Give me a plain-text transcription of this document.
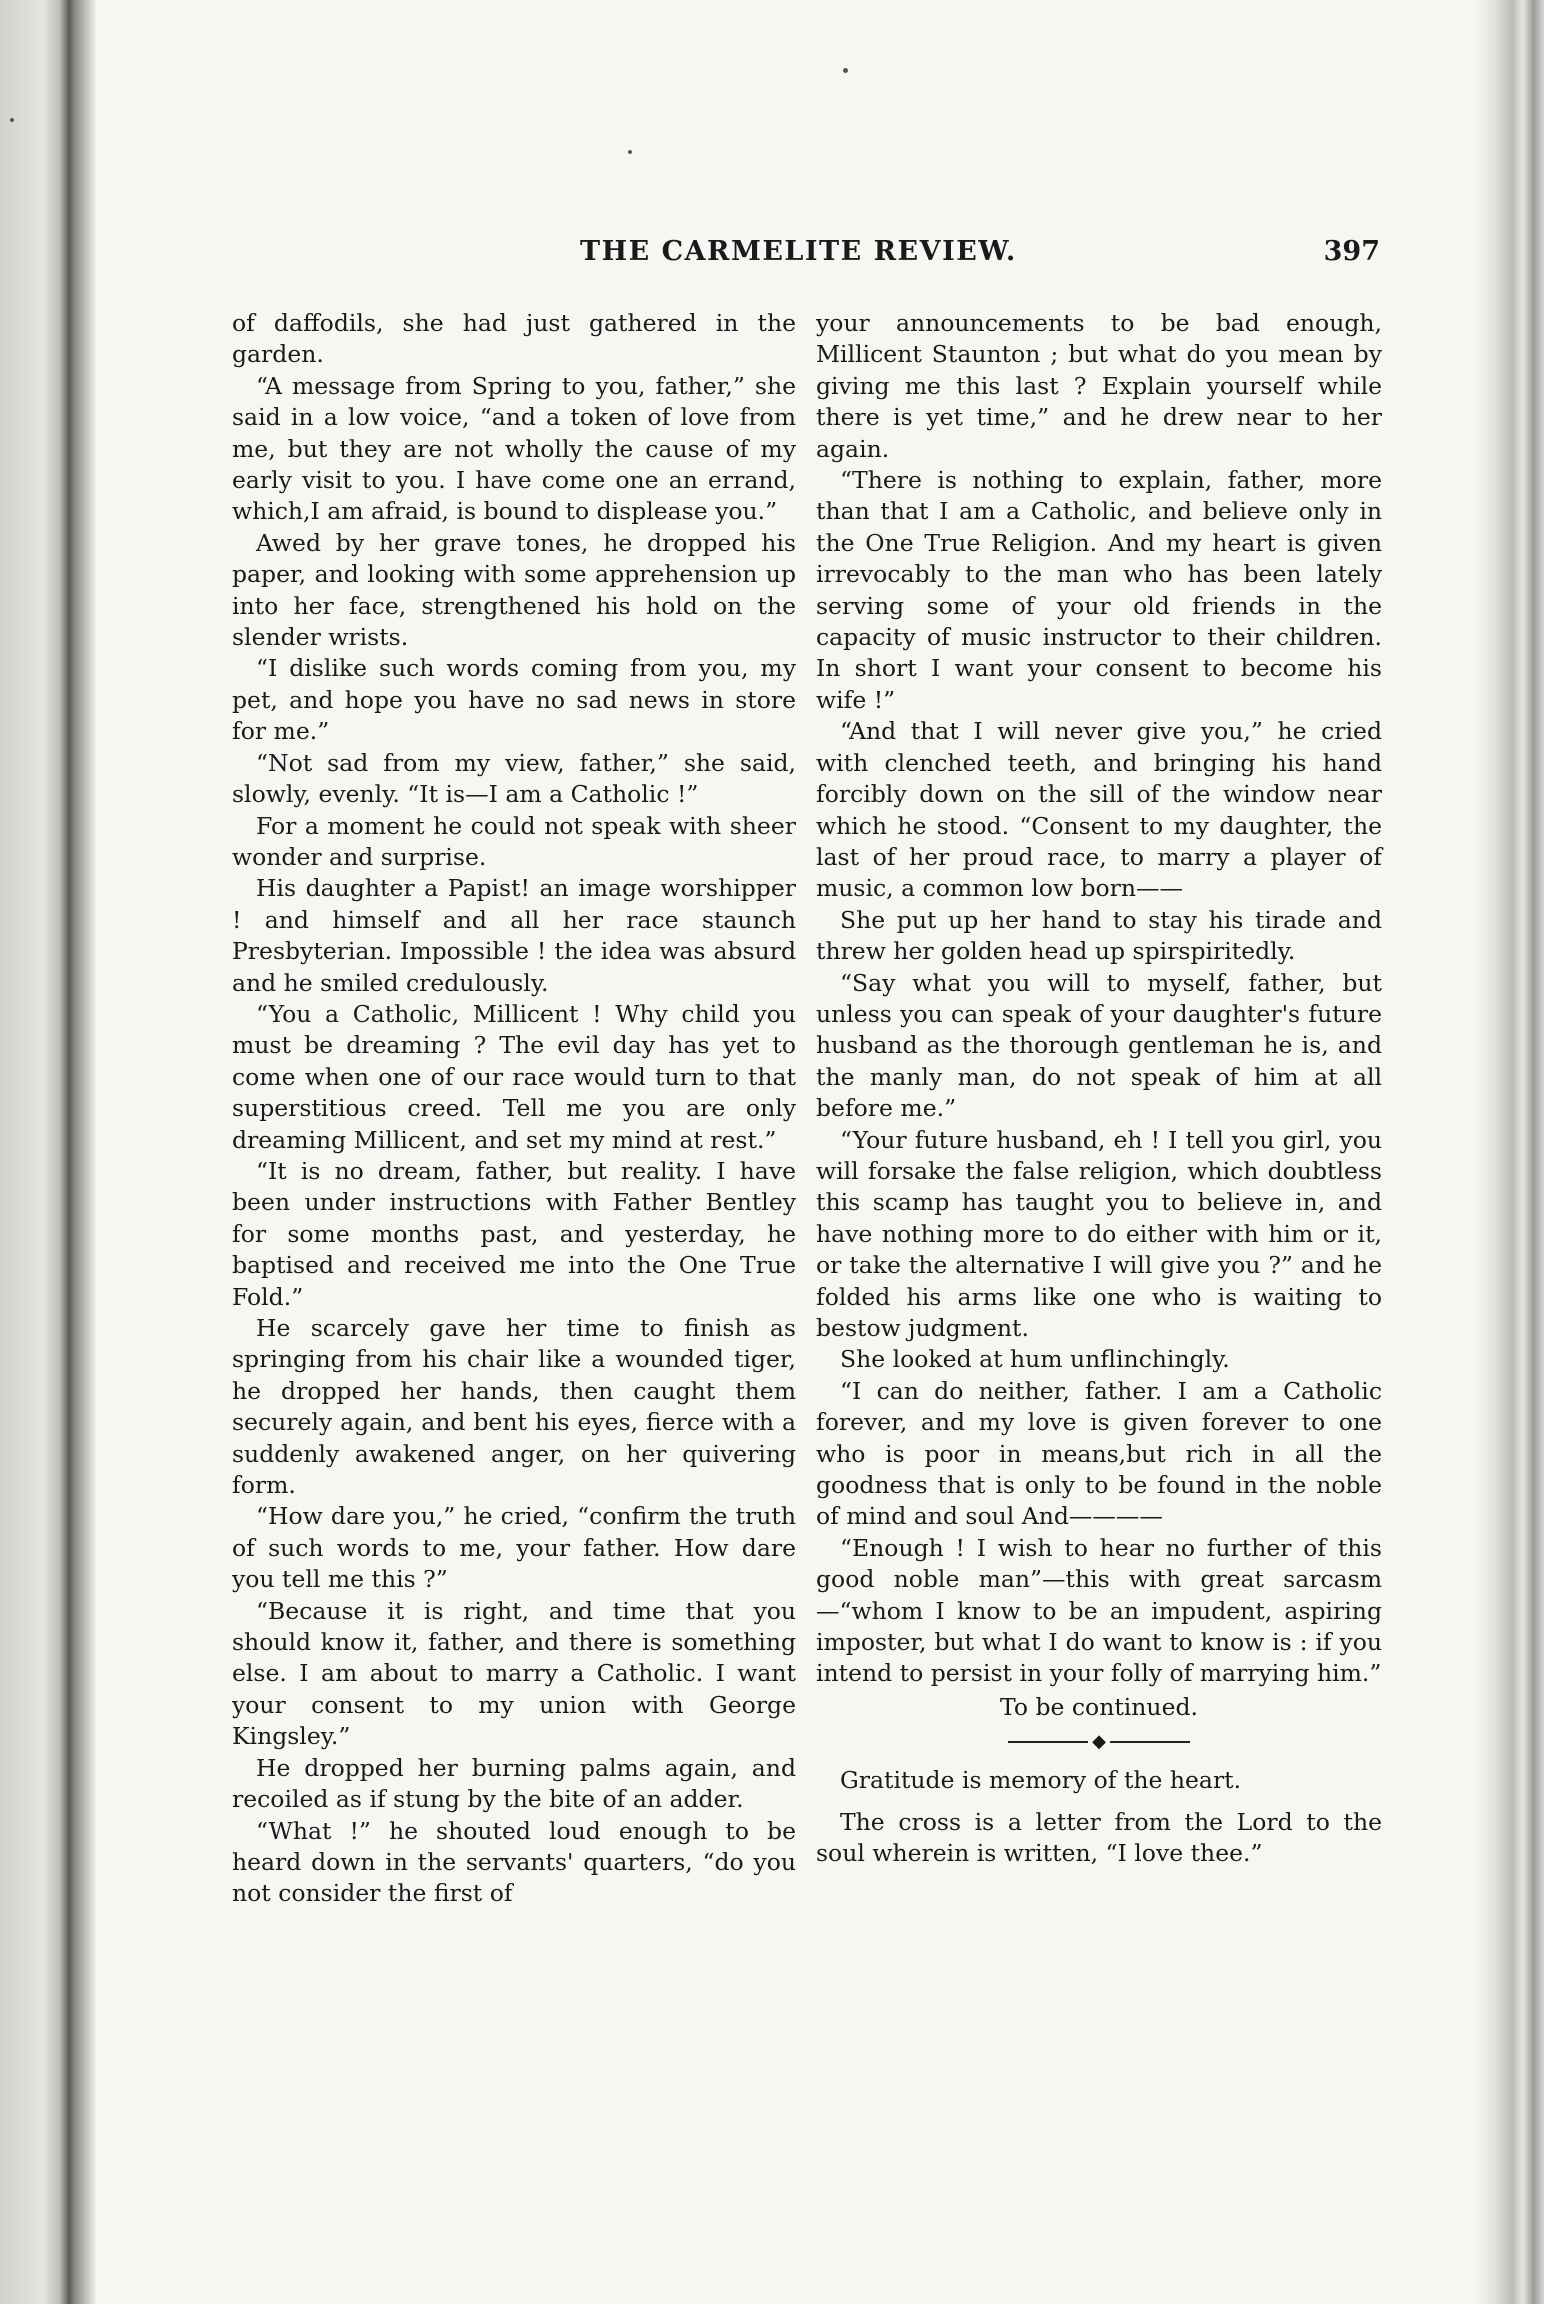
THE CARMELITE REVIEW.	397

of daffodils, she had just gathered in the garden.

“A message from Spring to you, father,” she said in a low voice, “and a token of love from me, but they are not wholly the cause of my early visit to you. I have come one an errand, which,I am afraid, is bound to displease you.”

Awed by her grave tones, he dropped his paper, and looking with some apprehension up into her face, strengthened his hold on the slender wrists.

“I dislike such words coming from you, my pet, and hope you have no sad news in store for me.”

“Not sad from my view, father,” she said, slowly, evenly. “It is—I am a Catholic !”

For a moment he could not speak with sheer wonder and surprise.

His daughter a Papist! an image worshipper ! and himself and all her race staunch Presbyterian. Impossible ! the idea was absurd and he smiled credulously.

“You a Catholic, Millicent ! Why child you must be dreaming ? The evil day has yet to come when one of our race would turn to that superstitious creed. Tell me you are only dreaming Millicent, and set my mind at rest.”

“It is no dream, father, but reality. I have been under instructions with Father Bentley for some months past, and yesterday, he baptised and received me into the One True Fold.”

He scarcely gave her time to finish as springing from his chair like a wounded tiger, he dropped her hands, then caught them securely again, and bent his eyes, fierce with a suddenly awakened anger, on her quivering form.

“How dare you,” he cried, “confirm the truth of such words to me, your father. How dare you tell me this ?”

“Because it is right, and time that you should know it, father, and there is something else. I am about to marry a Catholic. I want your consent to my union with George Kingsley.”

He dropped her burning palms again, and recoiled as if stung by the bite of an adder.

“What !” he shouted loud enough to be heard down in the servants' quarters, “do you not consider the first of

your announcements to be bad enough, Millicent Staunton ; but what do you mean by giving me this last ? Explain yourself while there is yet time,” and he drew near to her again.

“There is nothing to explain, father, more than that I am a Catholic, and believe only in the One True Religion. And my heart is given irrevocably to the man who has been lately serving some of your old friends in the capacity of music instructor to their children. In short I want your consent to become his wife !”

“And that I will never give you,” he cried with clenched teeth, and bringing his hand forcibly down on the sill of the window near which he stood. “Consent to my daughter, the last of her proud race, to marry a player of music, a common low born——

She put up her hand to stay his tirade and threw her golden head up spirspiritedly.

“Say what you will to myself, father, but unless you can speak of your daughter's future husband as the thorough gentleman he is, and the manly man, do not speak of him at all before me.”

“Your future husband, eh ! I tell you girl, you will forsake the false religion, which doubtless this scamp has taught you to believe in, and have nothing more to do either with him or it, or take the alternative I will give you ?” and he folded his arms like one who is waiting to bestow judgment.

She looked at hum unflinchingly.

“I can do neither, father. I am a Catholic forever, and my love is given forever to one who is poor in means,but rich in all the goodness that is only to be found in the noble of mind and soul And————

“Enough ! I wish to hear no further of this good noble man”—this with great sarcasm—“whom I know to be an impudent, aspiring imposter, but what I do want to know is : if you intend to persist in your folly of marrying him.”

To be continued.

◆

Gratitude is memory of the heart.

The cross is a letter from the Lord to the soul wherein is written, “I love thee.”
